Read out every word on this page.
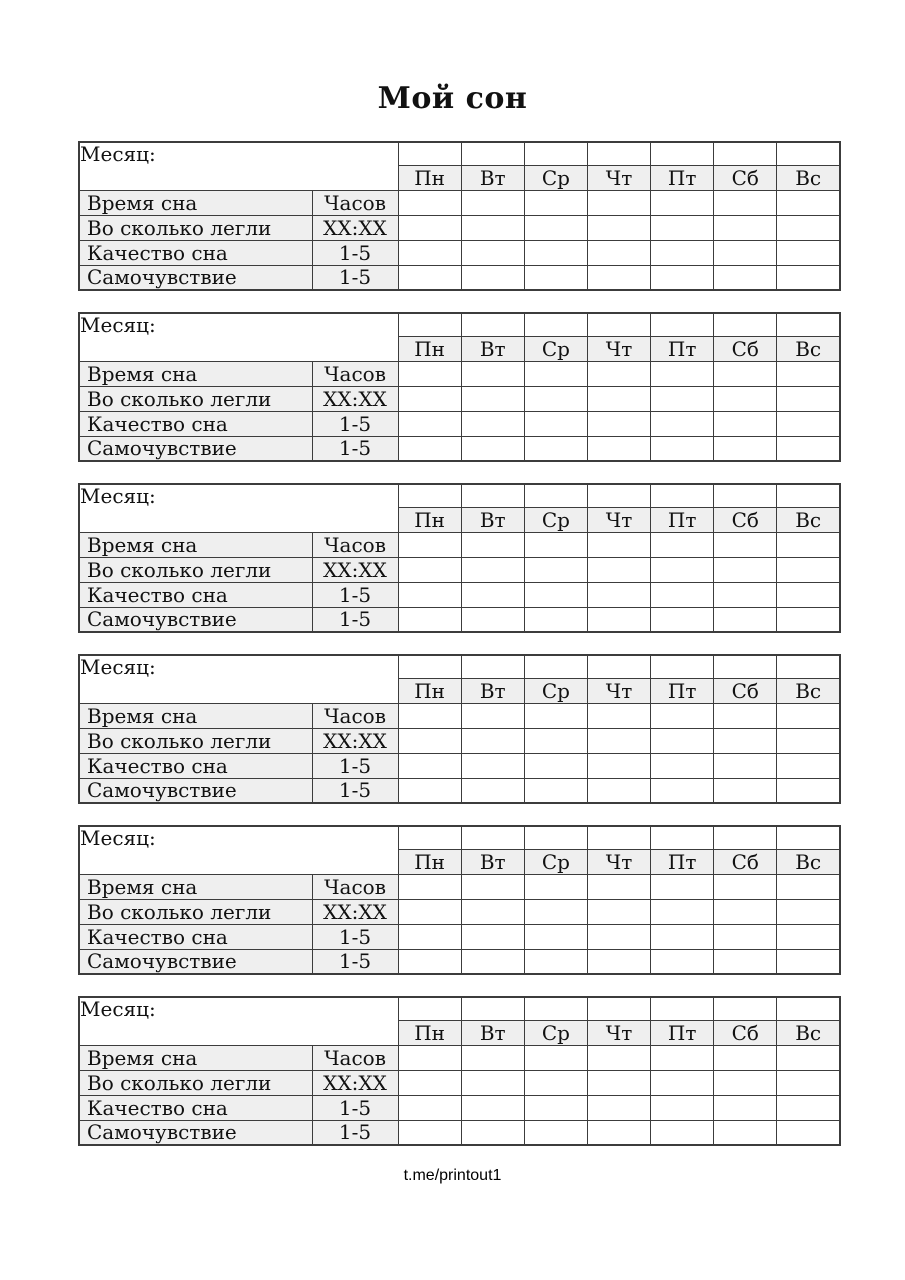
Мой сон
Месяц:								
		Пн	Вт	Ср	Чт	Пт	Сб	Вс
Время сна	Часов							
Во сколько легли	XX:XX							
Качество сна	1-5							
Самочувствие	1-5							
Месяц:								
		Пн	Вт	Ср	Чт	Пт	Сб	Вс
Время сна	Часов							
Во сколько легли	XX:XX							
Качество сна	1-5							
Самочувствие	1-5							
Месяц:								
		Пн	Вт	Ср	Чт	Пт	Сб	Вс
Время сна	Часов							
Во сколько легли	XX:XX							
Качество сна	1-5							
Самочувствие	1-5							
Месяц:								
		Пн	Вт	Ср	Чт	Пт	Сб	Вс
Время сна	Часов							
Во сколько легли	XX:XX							
Качество сна	1-5							
Самочувствие	1-5							
Месяц:								
		Пн	Вт	Ср	Чт	Пт	Сб	Вс
Время сна	Часов							
Во сколько легли	XX:XX							
Качество сна	1-5							
Самочувствие	1-5							
Месяц:								
		Пн	Вт	Ср	Чт	Пт	Сб	Вс
Время сна	Часов							
Во сколько легли	XX:XX							
Качество сна	1-5							
Самочувствие	1-5							
t.me/printout1
